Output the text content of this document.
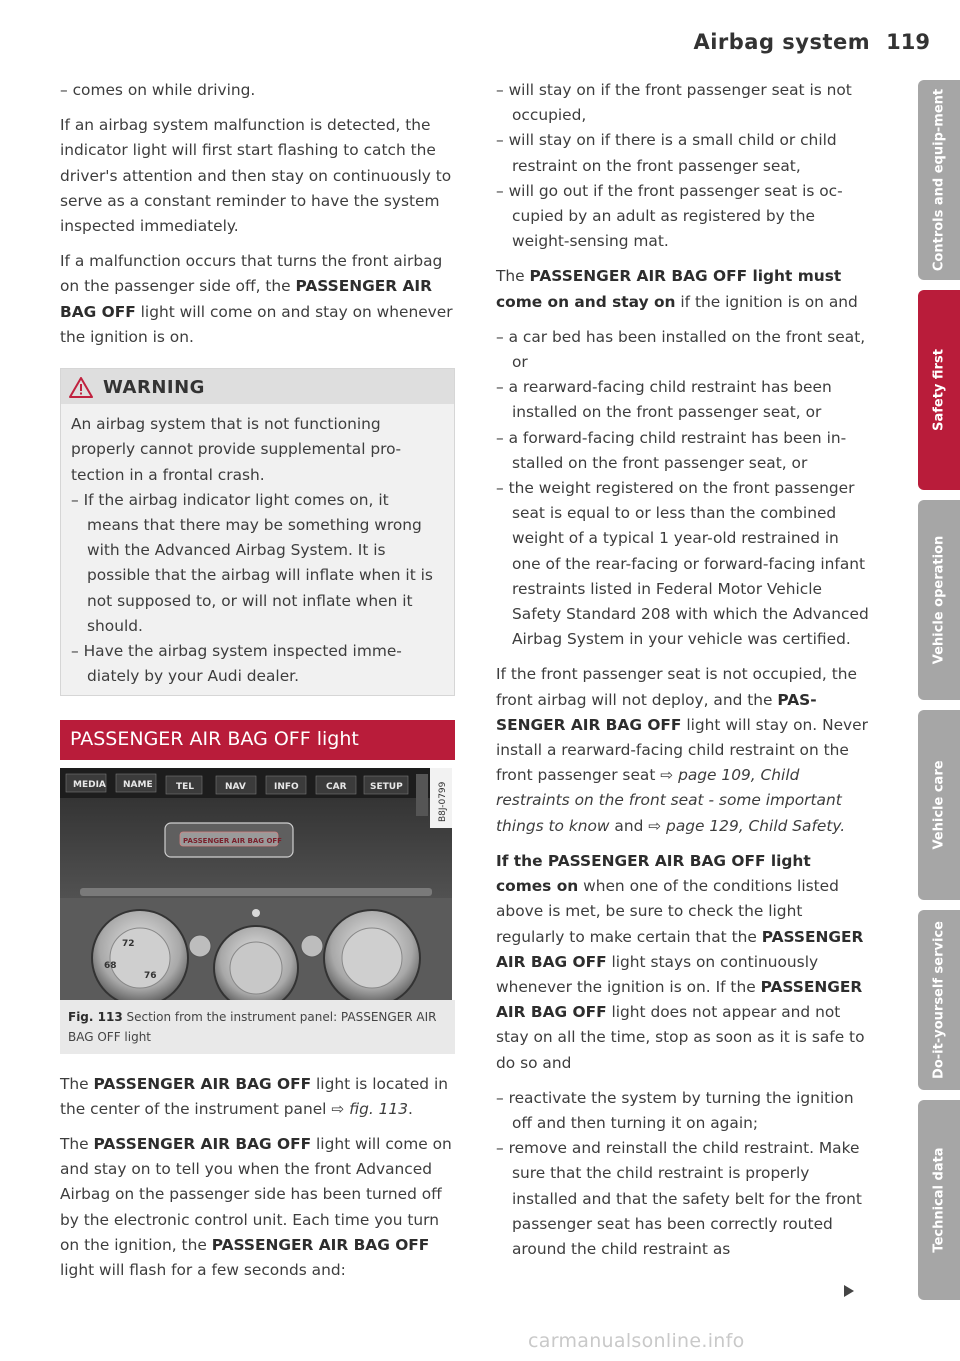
Airbag system 119

– comes on while driving.

If an airbag system malfunction is detected, the indicator light will first start flashing to catch the driver's attention and then stay on continuously to serve as a constant reminder to have the system inspected immediately.

If a malfunction occurs that turns the front airbag on the passenger side off, the PASSENGER AIR BAG OFF light will come on and stay on whenever the ignition is on.

WARNING

An airbag system that is not functioning properly cannot provide supplemental protection in a frontal crash.

– If the airbag indicator light comes on, it means that there may be something wrong with the Advanced Airbag System. It is possible that the airbag will inflate when it is not supposed to, or will not inflate when it should.

– Have the airbag system inspected immediately by your Audi dealer.

PASSENGER AIR BAG OFF light
MEDIA NAME	TEL	NAV	INFO	CAR	SETUP	B8J-0799
PASSENGER AIR BAG OFF
72
68
76
Fig. 113 Section from the instrument panel: PASSENGER AIR BAG OFF light

The PASSENGER AIR BAG OFF light is located in the center of the instrument panel ⇨ fig. 113.

The PASSENGER AIR BAG OFF light will come on and stay on to tell you when the front Advanced Airbag on the passenger side has been turned off by the electronic control unit. Each time you turn on the ignition, the PASSENGER AIR BAG OFF light will flash for a few seconds and:

– will stay on if the front passenger seat is not occupied,

– will stay on if there is a small child or child restraint on the front passenger seat,

– will go out if the front passenger seat is occupied by an adult as registered by the weight-sensing mat.

The PASSENGER AIR BAG OFF light must come on and stay on if the ignition is on and

– a car bed has been installed on the front seat, or

– a rearward-facing child restraint has been installed on the front passenger seat, or

– a forward-facing child restraint has been installed on the front passenger seat, or

– the weight registered on the front passenger seat is equal to or less than the combined weight of a typical 1 year-old restrained in one of the rear-facing or forward-facing infant restraints listed in Federal Motor Vehicle Safety Standard 208 with which the Advanced Airbag System in your vehicle was certified.

If the front passenger seat is not occupied, the front airbag will not deploy, and the PASSENGER AIR BAG OFF light will stay on. Never install a rearward-facing child restraint on the front passenger seat ⇨ page 109, Child restraints on the front seat - some important things to know and ⇨ page 129, Child Safety.

If the PASSENGER AIR BAG OFF light comes on when one of the conditions listed above is met, be sure to check the light regularly to make certain that the PASSENGER AIR BAG OFF light stays on continuously whenever the ignition is on. If the PASSENGER AIR BAG OFF light does not appear and not stay on all the time, stop as soon as it is safe to do so and

– reactivate the system by turning the ignition off and then turning it on again;

– remove and reinstall the child restraint. Make sure that the child restraint is properly installed and that the safety belt for the front passenger seat has been correctly routed around the child restraint as

Controls and equip-ment
Safety first
Vehicle operation
Vehicle care
Do-it-yourself service
Technical data
carmanualsonline.info
